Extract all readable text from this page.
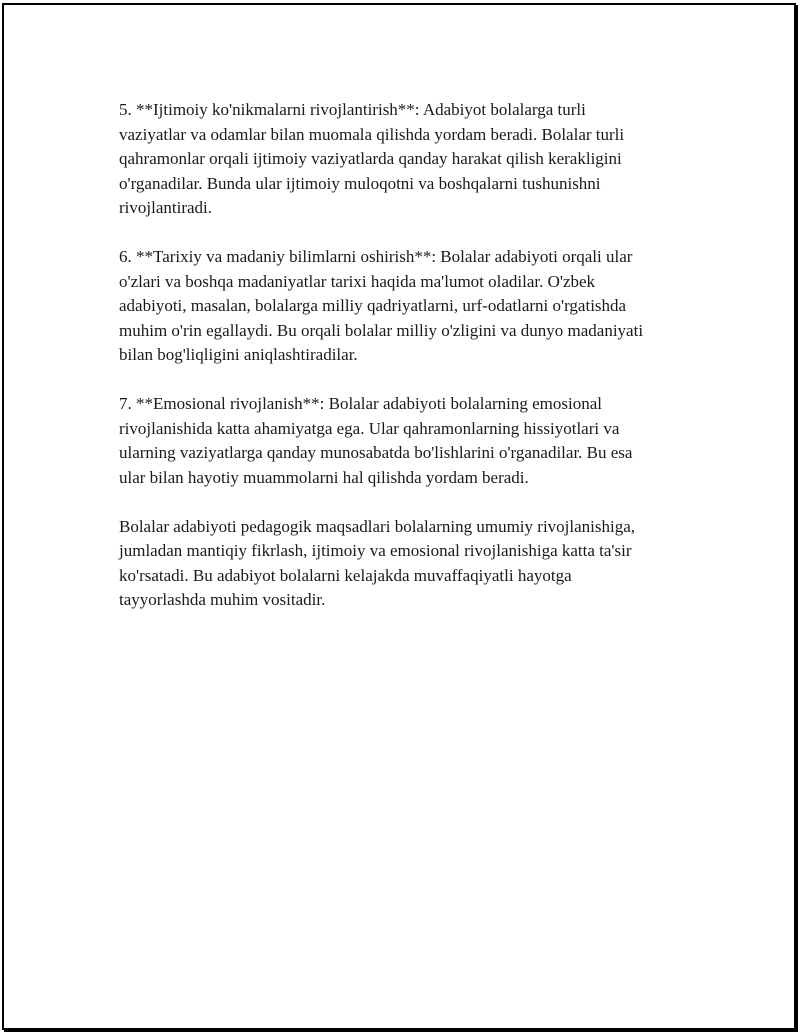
5. **Ijtimoiy ko'nikmalarni rivojlantirish**: Adabiyot bolalarga turli
vaziyatlar va odamlar bilan muomala qilishda yordam beradi. Bolalar turli
qahramonlar orqali ijtimoiy vaziyatlarda qanday harakat qilish kerakligini
o'rganadilar. Bunda ular ijtimoiy muloqotni va boshqalarni tushunishni
rivojlantiradi.

6. **Tarixiy va madaniy bilimlarni oshirish**: Bolalar adabiyoti orqali ular
o'zlari va boshqa madaniyatlar tarixi haqida ma'lumot oladilar. O'zbek
adabiyoti, masalan, bolalarga milliy qadriyatlarni, urf-odatlarni o'rgatishda
muhim o'rin egallaydi. Bu orqali bolalar milliy o'zligini va dunyo madaniyati
bilan bog'liqligini aniqlashtiradilar.

7. **Emosional rivojlanish**: Bolalar adabiyoti bolalarning emosional
rivojlanishida katta ahamiyatga ega. Ular qahramonlarning hissiyotlari va
ularning vaziyatlarga qanday munosabatda bo'lishlarini o'rganadilar. Bu esa
ular bilan hayotiy muammolarni hal qilishda yordam beradi.

Bolalar adabiyoti pedagogik maqsadlari bolalarning umumiy rivojlanishiga,
jumladan mantiqiy fikrlash, ijtimoiy va emosional rivojlanishiga katta ta'sir
ko'rsatadi. Bu adabiyot bolalarni kelajakda muvaffaqiyatli hayotga
tayyorlashda muhim vositadir.
